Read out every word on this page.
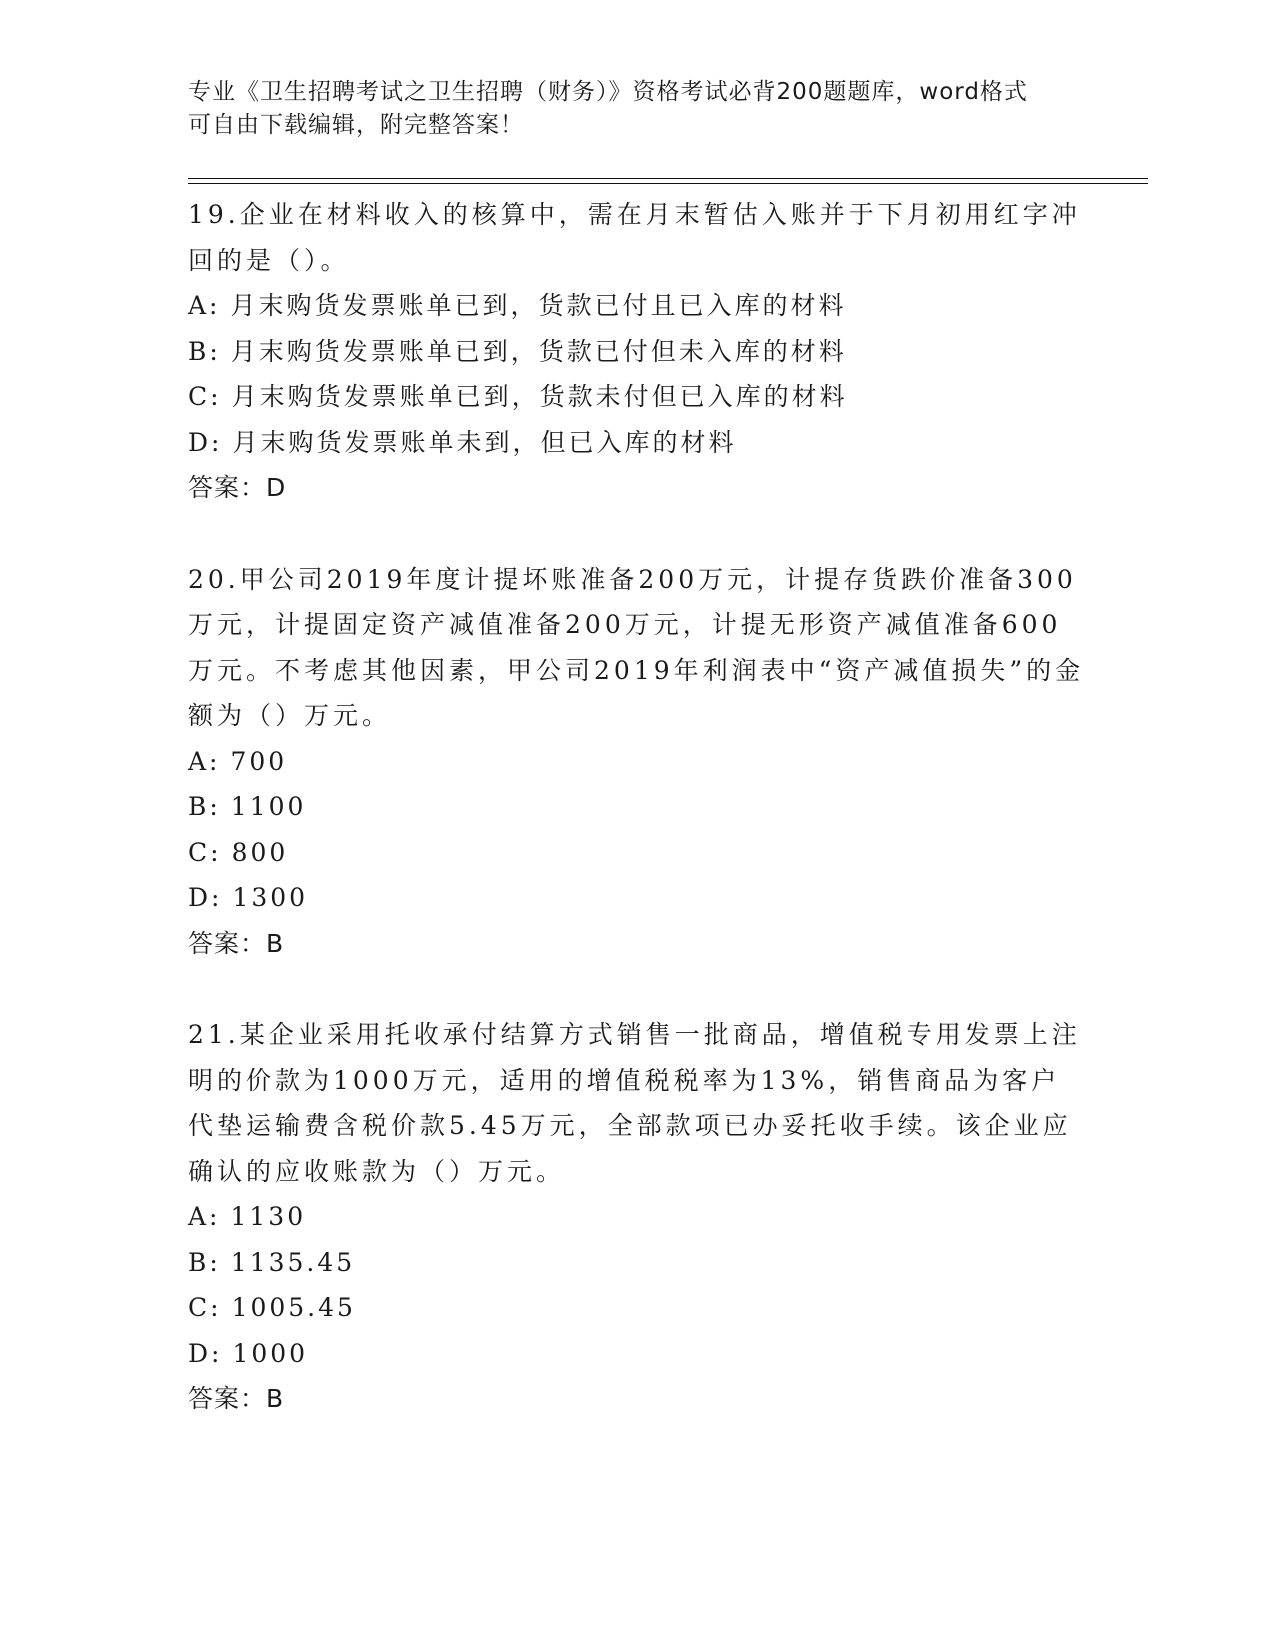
专业《卫生招聘考试之卫生招聘（财务）》资格考试必背200题题库，word格式

可自由下载编辑，附完整答案！

19.企业在材料收入的核算中，需在月末暂估入账并于下月初用红字冲回的是（）。

A: 月末购货发票账单已到，货款已付且已入库的材料
B: 月末购货发票账单已到，货款已付但未入库的材料
C: 月末购货发票账单已到，货款未付但已入库的材料
D: 月末购货发票账单未到，但已入库的材料
答案：D

20.甲公司2019年度计提坏账准备200万元，计提存货跌价准备300万元，计提固定资产减值准备200万元，计提无形资产减值准备600万元。不考虑其他因素，甲公司2019年利润表中“资产减值损失”的金额为（）万元。

A: 700
B: 1100
C: 800
D: 1300
答案：B

21.某企业采用托收承付结算方式销售一批商品，增值税专用发票上注明的价款为1000万元，适用的增值税税率为13%，销售商品为客户代垫运输费含税价款5.45万元，全部款项已办妥托收手续。该企业应确认的应收账款为（）万元。

A: 1130
B: 1135.45
C: 1005.45
D: 1000
答案：B
